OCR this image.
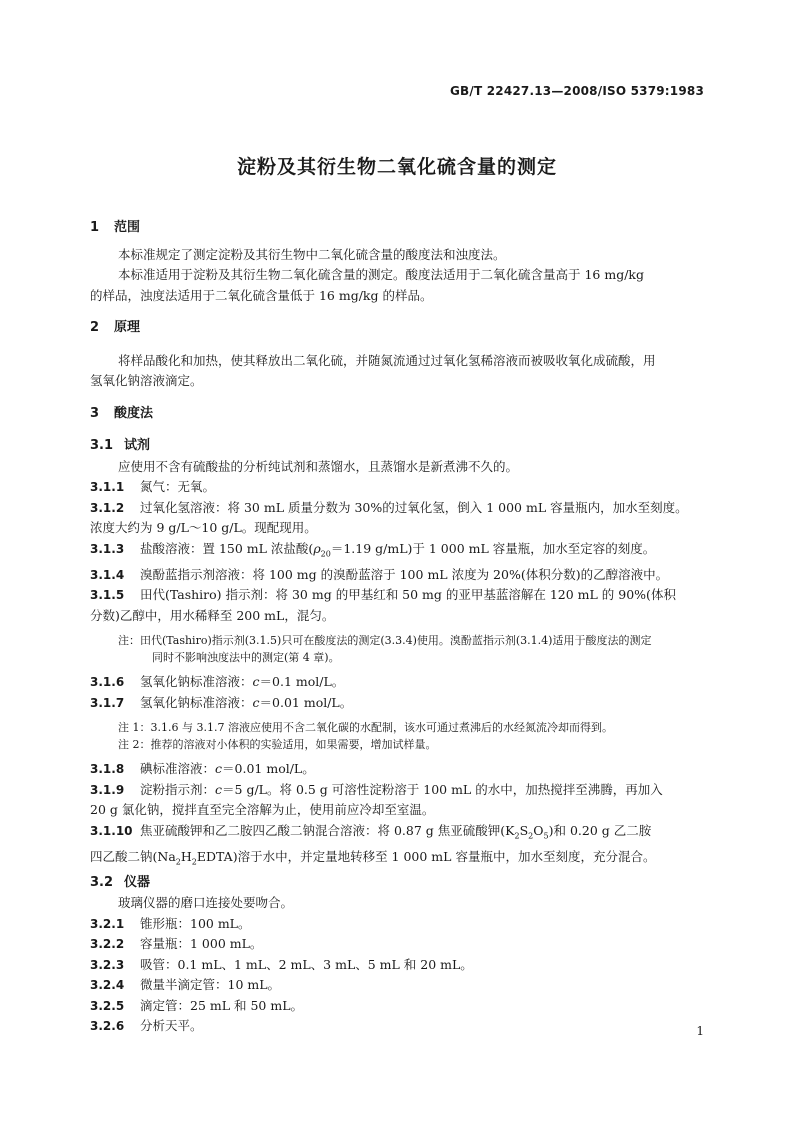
GB/T 22427.13—2008/ISO 5379:1983
淀粉及其衍生物二氧化硫含量的测定

1 范围

本标准规定了测定淀粉及其衍生物中二氧化硫含量的酸度法和浊度法。

本标准适用于淀粉及其衍生物二氧化硫含量的测定。酸度法适用于二氧化硫含量高于 16 mg/kg

的样品，浊度法适用于二氧化硫含量低于 16 mg/kg 的样品。

2 原理

将样品酸化和加热，使其释放出二氧化硫，并随氮流通过过氧化氢稀溶液而被吸收氧化成硫酸，用

氢氧化钠溶液滴定。

3 酸度法

3.1 试剂

应使用不含有硫酸盐的分析纯试剂和蒸馏水，且蒸馏水是新煮沸不久的。

3.1.1 氮气：无氧。

3.1.2 过氧化氢溶液：将 30 mL 质量分数为 30%的过氧化氢，倒入 1 000 mL 容量瓶内，加水至刻度。

浓度大约为 9 g/L～10 g/L。现配现用。

3.1.3 盐酸溶液：置 150 mL 浓盐酸($\rho_{20}=1.19$ g/mL)于 1 000 mL 容量瓶，加水至定容的刻度。

3.1.4 溴酚蓝指示剂溶液：将 100 mg 的溴酚蓝溶于 100 mL 浓度为 20%(体积分数)的乙醇溶液中。

3.1.5 田代(Tashiro) 指示剂：将 30 mg 的甲基红和 50 mg 的亚甲基蓝溶解在 120 mL 的 90%(体积

分数)乙醇中，用水稀释至 200 mL，混匀。

注：田代(Tashiro)指示剂(3.1.5)只可在酸度法的测定(3.3.4)使用。溴酚蓝指示剂(3.1.4)适用于酸度法的测定
同时不影响浊度法中的测定(第 4 章)。

3.1.6 氢氧化钠标准溶液：c＝0.1 mol/L。

3.1.7 氢氧化钠标准溶液：c＝0.01 mol/L。

注 1：3.1.6 与 3.1.7 溶液应使用不含二氧化碳的水配制，该水可通过煮沸后的水经氮流冷却而得到。

注 2：推荐的溶液对小体积的实验适用，如果需要，增加试样量。

3.1.8 碘标准溶液：c＝0.01 mol/L。

3.1.9 淀粉指示剂：c＝5 g/L。将 0.5 g 可溶性淀粉溶于 100 mL 的水中，加热搅拌至沸腾，再加入

20 g 氯化钠，搅拌直至完全溶解为止，使用前应冷却至室温。

3.1.10 焦亚硫酸钾和乙二胺四乙酸二钠混合溶液：将 0.87 g 焦亚硫酸钾$(K_2S_2O_5)$和 0.20 g 乙二胺

四乙酸二钠$(Na_2H_2EDTA)$溶于水中，并定量地转移至 1 000 mL 容量瓶中，加水至刻度，充分混合。

3.2 仪器

玻璃仪器的磨口连接处要吻合。

3.2.1 锥形瓶：100 mL。

3.2.2 容量瓶：1 000 mL。

3.2.3 吸管：0.1 mL、1 mL、2 mL、3 mL、5 mL 和 20 mL。

3.2.4 微量半滴定管：10 mL。

3.2.5 滴定管：25 mL 和 50 mL。

3.2.6 分析天平。	1
